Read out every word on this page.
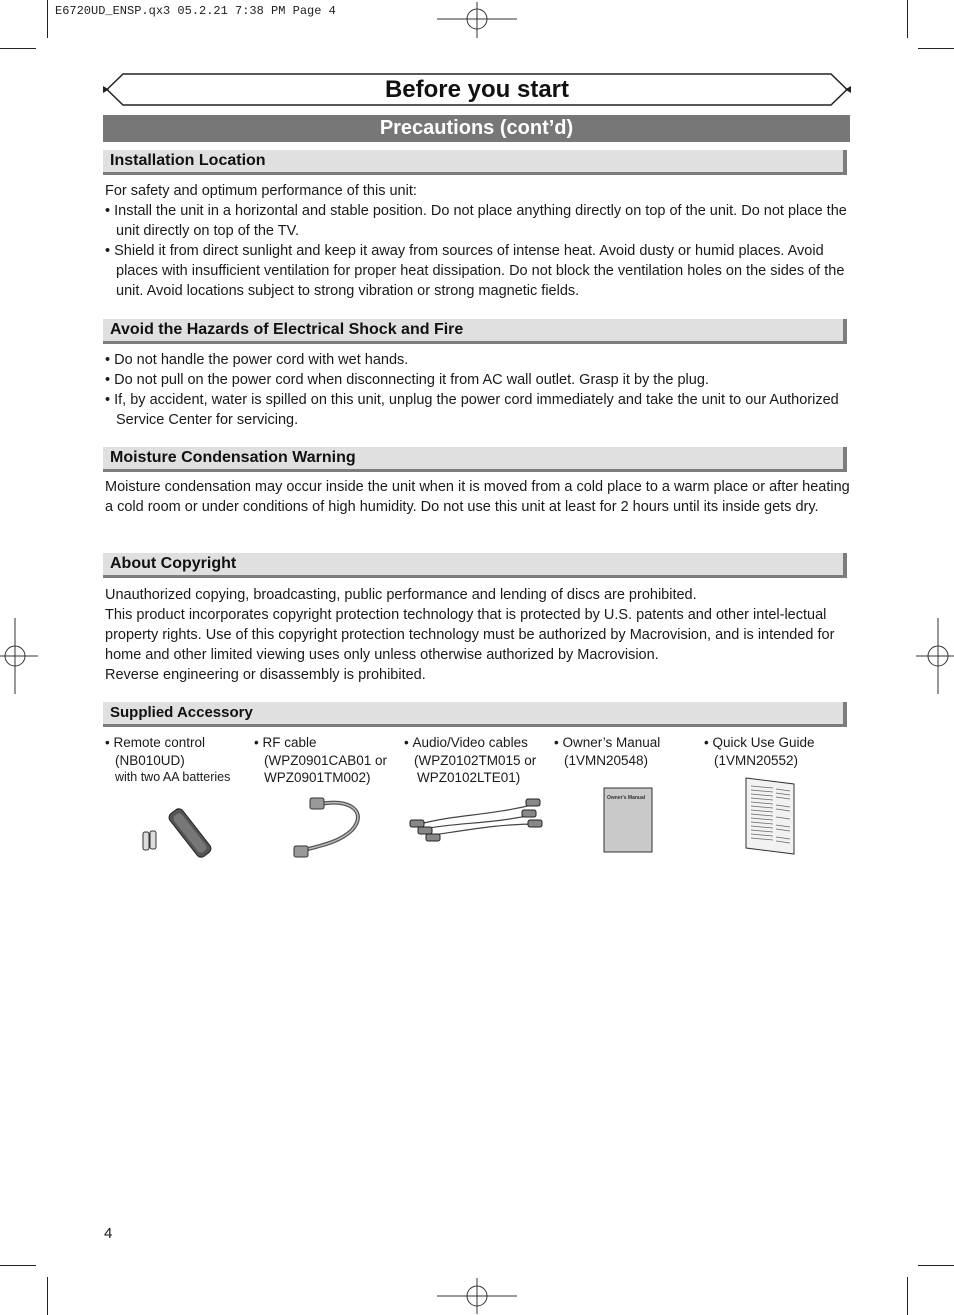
E6720UD_ENSP.qx3 05.2.21 7:38 PM Page 4
Before you start
Precautions (cont’d)
Installation Location

For safety and optimum performance of this unit:

• Install the unit in a horizontal and stable position. Do not place anything directly on top of the unit. Do not place the unit directly on top of the TV.
• Shield it from direct sunlight and keep it away from sources of intense heat. Avoid dusty or humid places. Avoid places with insufficient ventilation for proper heat dissipation. Do not block the ventilation holes on the sides of the unit. Avoid locations subject to strong vibration or strong magnetic fields.
Avoid the Hazards of Electrical Shock and Fire
• Do not handle the power cord with wet hands.
• Do not pull on the power cord when disconnecting it from AC wall outlet. Grasp it by the plug.
• If, by accident, water is spilled on this unit, unplug the power cord immediately and take the unit to our Authorized Service Center for servicing.
Moisture Condensation Warning

Moisture condensation may occur inside the unit when it is moved from a cold place to a warm place or after heating a cold room or under conditions of high humidity. Do not use this unit at least for 2 hours until its inside gets dry.

About Copyright

Unauthorized copying, broadcasting, public performance and lending of discs are prohibited.

This product incorporates copyright protection technology that is protected by U.S. patents and other intel-lectual property rights. Use of this copyright protection technology must be authorized by Macrovision, and is intended for home and other limited viewing uses only unless otherwise authorized by Macrovision.

Reverse engineering or disassembly is prohibited.

Supplied Accessory
• Remote control
(NB010UD)
with two AA batteries
• RF cable
(WPZ0901CAB01 or
WPZ0901TM002)
• Audio/Video cables
(WPZ0102TM015 or
WPZ0102LTE01)
• Owner’s Manual
(1VMN20548)
• Quick Use Guide
(1VMN20552)
Owner's Manual
4
